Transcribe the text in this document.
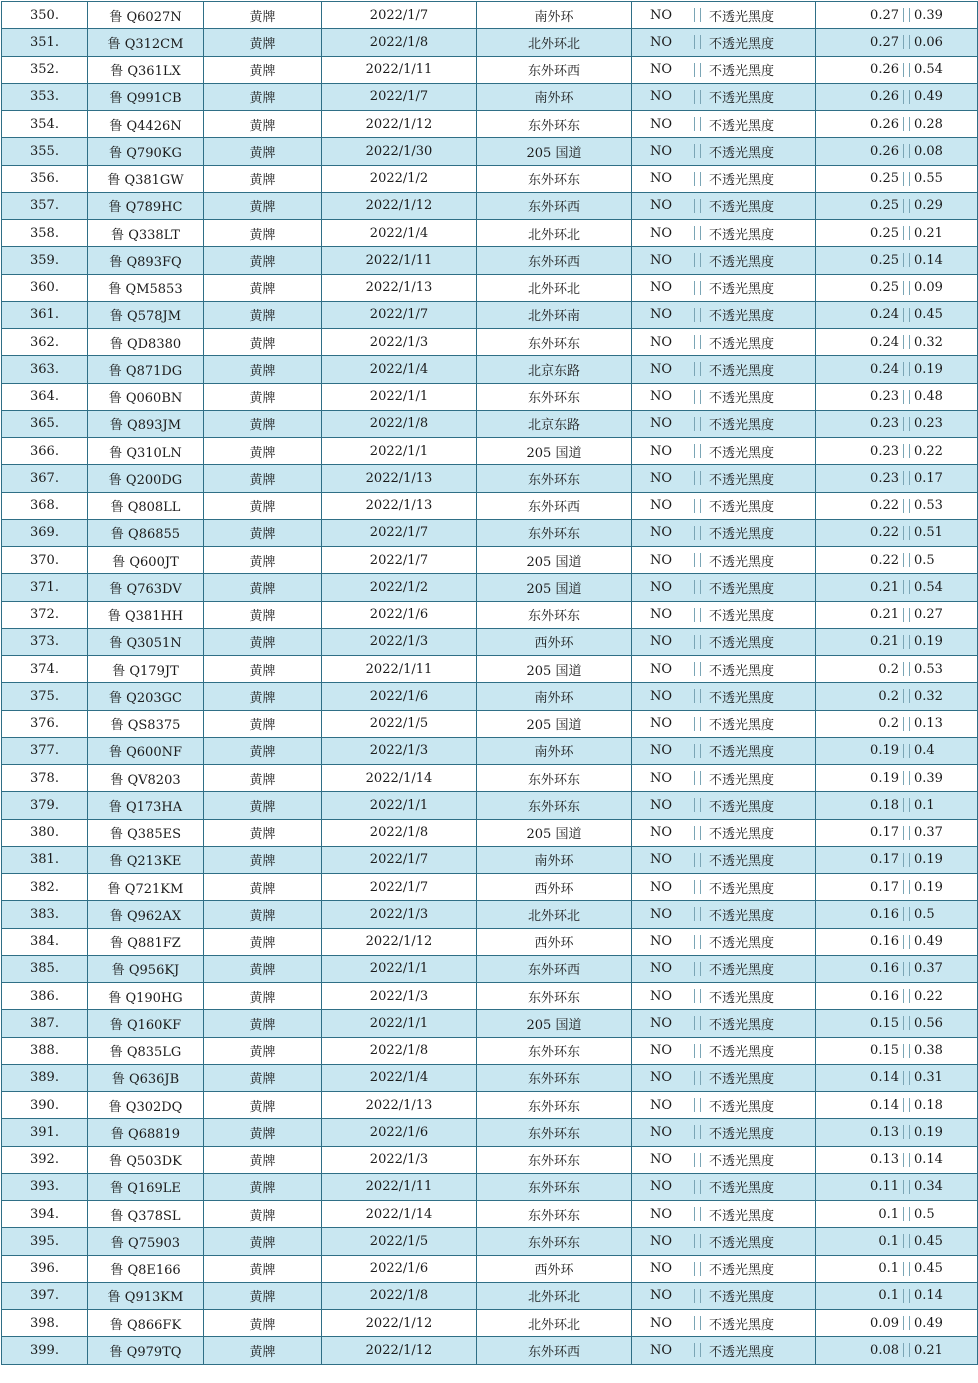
350.	鲁 Q6027N	黄牌	2022/1/7	南外环	NO 不透光黑度	0.27 0.39

351.	鲁 Q312CM	黄牌	2022/1/8	北外环北	NO 不透光黑度	0.27 0.06

352.	鲁 Q361LX	黄牌	2022/1/11	东外环西	NO 不透光黑度	0.26 0.54

353.	鲁 Q991CB	黄牌	2022/1/7	南外环	NO 不透光黑度	0.26 0.49

354.	鲁 Q4426N	黄牌	2022/1/12	东外环东	NO 不透光黑度	0.26 0.28

355.	鲁 Q790KG	黄牌	2022/1/30	205 国道	NO 不透光黑度	0.26 0.08

356.	鲁 Q381GW	黄牌	2022/1/2	东外环东	NO 不透光黑度	0.25 0.55

357.	鲁 Q789HC	黄牌	2022/1/12	东外环西	NO 不透光黑度	0.25 0.29

358.	鲁 Q338LT	黄牌	2022/1/4	北外环北	NO 不透光黑度	0.25 0.21

359.	鲁 Q893FQ	黄牌	2022/1/11	东外环西	NO 不透光黑度	0.25 0.14

360.	鲁 QM5853	黄牌	2022/1/13	北外环北	NO 不透光黑度	0.25 0.09

361.	鲁 Q578JM	黄牌	2022/1/7	北外环南	NO 不透光黑度	0.24 0.45

362.	鲁 QD8380	黄牌	2022/1/3	东外环东	NO 不透光黑度	0.24 0.32

363.	鲁 Q871DG	黄牌	2022/1/4	北京东路	NO 不透光黑度	0.24 0.19

364.	鲁 Q060BN	黄牌	2022/1/1	东外环东	NO 不透光黑度	0.23 0.48

365.	鲁 Q893JM	黄牌	2022/1/8	北京东路	NO 不透光黑度	0.23 0.23

366.	鲁 Q310LN	黄牌	2022/1/1	205 国道	NO 不透光黑度	0.23 0.22

367.	鲁 Q200DG	黄牌	2022/1/13	东外环东	NO 不透光黑度	0.23 0.17

368.	鲁 Q808LL	黄牌	2022/1/13	东外环西	NO 不透光黑度	0.22 0.53

369.	鲁 Q86855	黄牌	2022/1/7	东外环东	NO 不透光黑度	0.22 0.51

370.	鲁 Q600JT	黄牌	2022/1/7	205 国道	NO 不透光黑度	0.22 0.5

371.	鲁 Q763DV	黄牌	2022/1/2	205 国道	NO 不透光黑度	0.21 0.54

372.	鲁 Q381HH	黄牌	2022/1/6	东外环东	NO 不透光黑度	0.21 0.27

373.	鲁 Q3051N	黄牌	2022/1/3	西外环	NO 不透光黑度	0.21 0.19

374.	鲁 Q179JT	黄牌	2022/1/11	205 国道	NO 不透光黑度	0.2 0.53

375.	鲁 Q203GC	黄牌	2022/1/6	南外环	NO 不透光黑度	0.2 0.32

376.	鲁 QS8375	黄牌	2022/1/5	205 国道	NO 不透光黑度	0.2 0.13

377.	鲁 Q600NF	黄牌	2022/1/3	南外环	NO 不透光黑度	0.19 0.4

378.	鲁 QV8203	黄牌	2022/1/14	东外环东	NO 不透光黑度	0.19 0.39

379.	鲁 Q173HA	黄牌	2022/1/1	东外环东	NO 不透光黑度	0.18 0.1

380.	鲁 Q385ES	黄牌	2022/1/8	205 国道	NO 不透光黑度	0.17 0.37

381.	鲁 Q213KE	黄牌	2022/1/7	南外环	NO 不透光黑度	0.17 0.19

382.	鲁 Q721KM	黄牌	2022/1/7	西外环	NO 不透光黑度	0.17 0.19

383.	鲁 Q962AX	黄牌	2022/1/3	北外环北	NO 不透光黑度	0.16 0.5

384.	鲁 Q881FZ	黄牌	2022/1/12	西外环	NO 不透光黑度	0.16 0.49

385.	鲁 Q956KJ	黄牌	2022/1/1	东外环西	NO 不透光黑度	0.16 0.37

386.	鲁 Q190HG	黄牌	2022/1/3	东外环东	NO 不透光黑度	0.16 0.22

387.	鲁 Q160KF	黄牌	2022/1/1	205 国道	NO 不透光黑度	0.15 0.56

388.	鲁 Q835LG	黄牌	2022/1/8	东外环东	NO 不透光黑度	0.15 0.38

389.	鲁 Q636JB	黄牌	2022/1/4	东外环东	NO 不透光黑度	0.14 0.31

390.	鲁 Q302DQ	黄牌	2022/1/13	东外环东	NO 不透光黑度	0.14 0.18

391.	鲁 Q68819	黄牌	2022/1/6	东外环东	NO 不透光黑度	0.13 0.19

392.	鲁 Q503DK	黄牌	2022/1/3	东外环东	NO 不透光黑度	0.13 0.14

393.	鲁 Q169LE	黄牌	2022/1/11	东外环东	NO 不透光黑度	0.11 0.34

394.	鲁 Q378SL	黄牌	2022/1/14	东外环东	NO 不透光黑度	0.1 0.5

395.	鲁 Q75903	黄牌	2022/1/5	东外环东	NO 不透光黑度	0.1 0.45

396.	鲁 Q8E166	黄牌	2022/1/6	西外环	NO 不透光黑度	0.1 0.45

397.	鲁 Q913KM	黄牌	2022/1/8	北外环北	NO 不透光黑度	0.1 0.14

398.	鲁 Q866FK	黄牌	2022/1/12	北外环北	NO 不透光黑度	0.09 0.49

399.	鲁 Q979TQ	黄牌	2022/1/12	东外环西	NO 不透光黑度	0.08 0.21
